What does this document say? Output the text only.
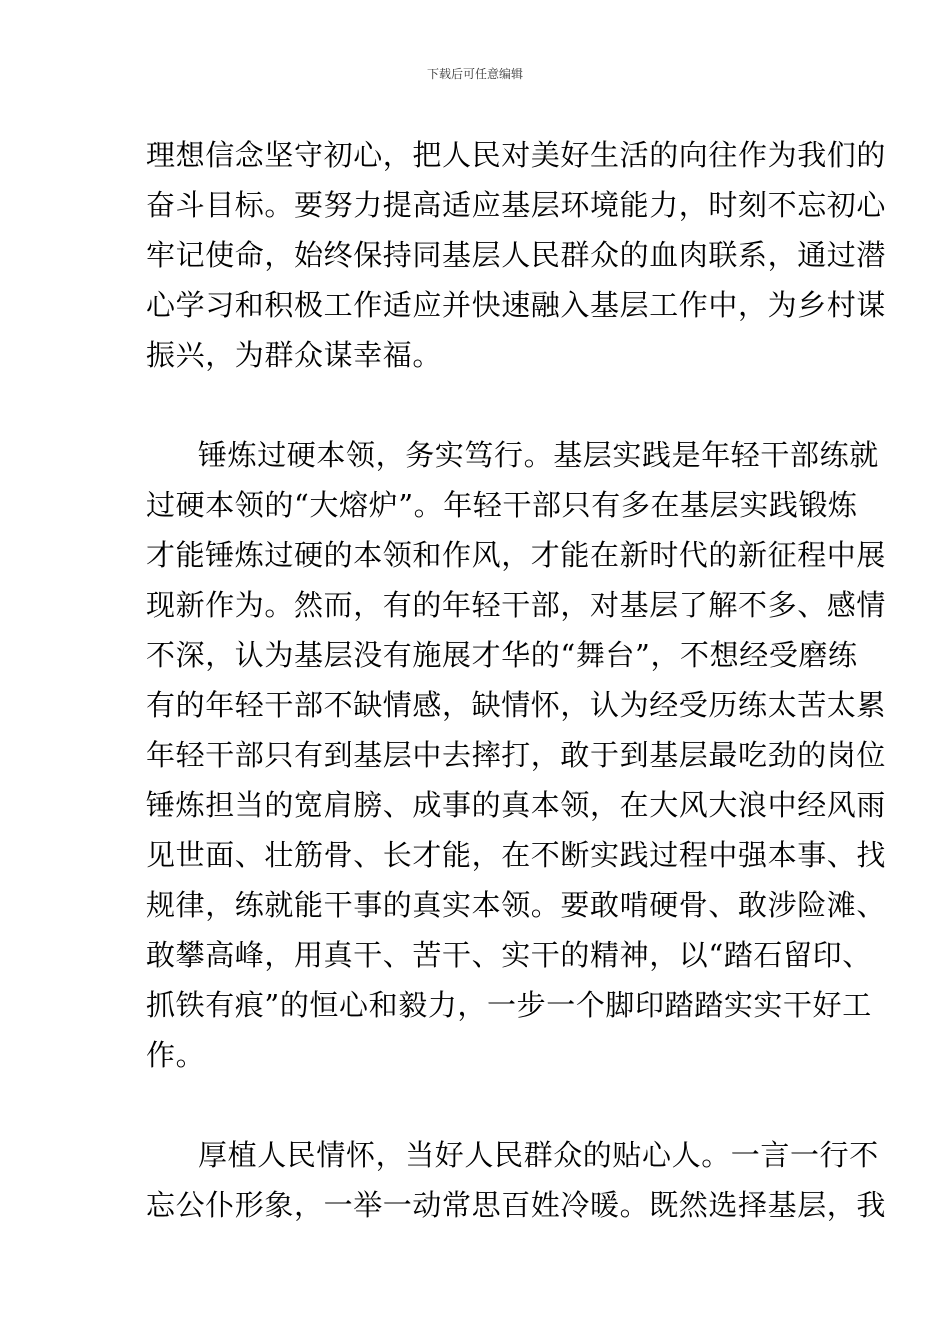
下载后可任意编辑
理想信念坚守初心，把人民对美好生活的向往作为我们的
奋斗目标。要努力提高适应基层环境能力，时刻不忘初心
牢记使命，始终保持同基层人民群众的血肉联系，通过潜
心学习和积极工作适应并快速融入基层工作中，为乡村谋
振兴，为群众谋幸福。
锤炼过硬本领，务实笃行。基层实践是年轻干部练就
过硬本领的“大熔炉”。年轻干部只有多在基层实践锻炼
才能锤炼过硬的本领和作风，才能在新时代的新征程中展
现新作为。然而，有的年轻干部，对基层了解不多、感情
不深，认为基层没有施展才华的“舞台”，不想经受磨练
有的年轻干部不缺情感，缺情怀，认为经受历练太苦太累
年轻干部只有到基层中去摔打，敢于到基层最吃劲的岗位
锤炼担当的宽肩膀、成事的真本领，在大风大浪中经风雨
见世面、壮筋骨、长才能，在不断实践过程中强本事、找
规律，练就能干事的真实本领。要敢啃硬骨、敢涉险滩、
敢攀高峰，用真干、苦干、实干的精神，以“踏石留印、
抓铁有痕”的恒心和毅力，一步一个脚印踏踏实实干好工
作。
厚植人民情怀，当好人民群众的贴心人。一言一行不
忘公仆形象，一举一动常思百姓冷暖。既然选择基层，我
